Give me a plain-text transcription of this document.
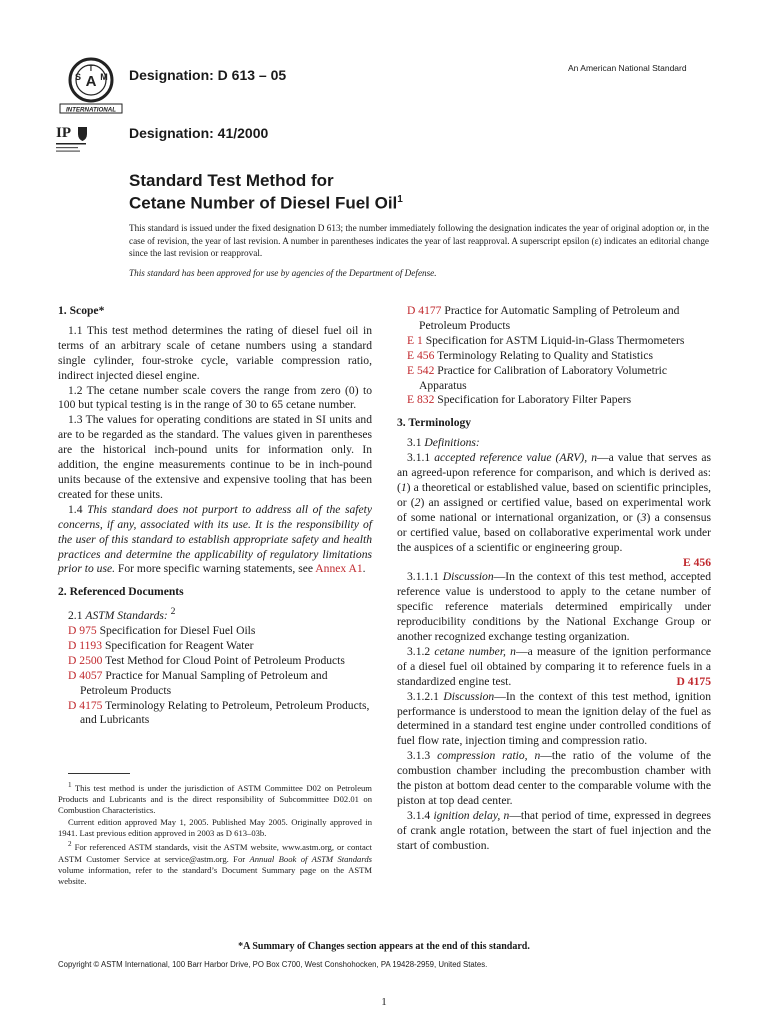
A
S M
T
INTERNATIONAL
IP
Designation: D 613 – 05
Designation: 41/2000
An American National Standard
Standard Test Method for
Cetane Number of Diesel Fuel Oil$^1$
This standard is issued under the fixed designation D 613; the number immediately following the designation indicates the year of original adoption or, in the case of revision, the year of last revision. A number in parentheses indicates the year of last reapproval. A superscript epsilon (ε) indicates an editorial change since the last revision or reapproval.
This standard has been approved for use by agencies of the Department of Defense.
1. Scope*

1.1 This test method determines the rating of diesel fuel oil in terms of an arbitrary scale of cetane numbers using a standard single cylinder, four-stroke cycle, variable compression ratio, indirect injected diesel engine.

1.2 The cetane number scale covers the range from zero (0) to 100 but typical testing is in the range of 30 to 65 cetane number.

1.3 The values for operating conditions are stated in SI units and are to be regarded as the standard. The values given in parentheses are the historical inch-pound units for information only. In addition, the engine measurements continue to be in inch-pound units because of the extensive and expensive tooling that has been created for these units.

1.4 This standard does not purport to address all of the safety concerns, if any, associated with its use. It is the responsibility of the user of this standard to establish appropriate safety and health practices and determine the applicability of regulatory limitations prior to use. For more specific warning statements, see Annex A1.

2. Referenced Documents

2.1 ASTM Standards: $^2$

D 975 Specification for Diesel Fuel Oils

D 1193 Specification for Reagent Water

D 2500 Test Method for Cloud Point of Petroleum Products

D 4057 Practice for Manual Sampling of Petroleum and Petroleum Products

D 4175 Terminology Relating to Petroleum, Petroleum Products, and Lubricants

D 4177 Practice for Automatic Sampling of Petroleum and Petroleum Products

E 1 Specification for ASTM Liquid-in-Glass Thermometers

E 456 Terminology Relating to Quality and Statistics

E 542 Practice for Calibration of Laboratory Volumetric Apparatus

E 832 Specification for Laboratory Filter Papers

3. Terminology

3.1 Definitions:

3.1.1 accepted reference value (ARV), n—a value that serves as an agreed-upon reference for comparison, and which is derived as: (1) a theoretical or established value, based on scientific principles, or (2) an assigned or certified value, based on experimental work of some national or international organization, or (3) a consensus or certified value, based on collaborative experimental work under the auspices of a scientific or engineering group.
E 456

3.1.1.1 Discussion—In the context of this test method, accepted reference value is understood to apply to the cetane number of specific reference materials determined empirically under reproducibility conditions by the National Exchange Group or another recognized exchange testing organization.

3.1.2 cetane number, n—a measure of the ignition performance of a diesel fuel oil obtained by comparing it to reference fuels in a standardized engine test.	D 4175

3.1.2.1 Discussion—In the context of this test method, ignition performance is understood to mean the ignition delay of the fuel as determined in a standard test engine under controlled conditions of fuel flow rate, injection timing and compression ratio.

3.1.3 compression ratio, n—the ratio of the volume of the combustion chamber including the precombustion chamber with the piston at bottom dead center to the comparable volume with the piston at top dead center.

3.1.4 ignition delay, n—that period of time, expressed in degrees of crank angle rotation, between the start of fuel injection and the start of combustion.

$^1$ This test method is under the jurisdiction of ASTM Committee D02 on Petroleum Products and Lubricants and is the direct responsibility of Subcommittee D02.01 on Combustion Characteristics.

Current edition approved May 1, 2005. Published May 2005. Originally approved in 1941. Last previous edition approved in 2003 as D 613–03b.

$^2$ For referenced ASTM standards, visit the ASTM website, www.astm.org, or contact ASTM Customer Service at service@astm.org. For Annual Book of ASTM Standards volume information, refer to the standard’s Document Summary page on the ASTM website.

*A Summary of Changes section appears at the end of this standard.
Copyright © ASTM International, 100 Barr Harbor Drive, PO Box C700, West Conshohocken, PA 19428-2959, United States.
1
